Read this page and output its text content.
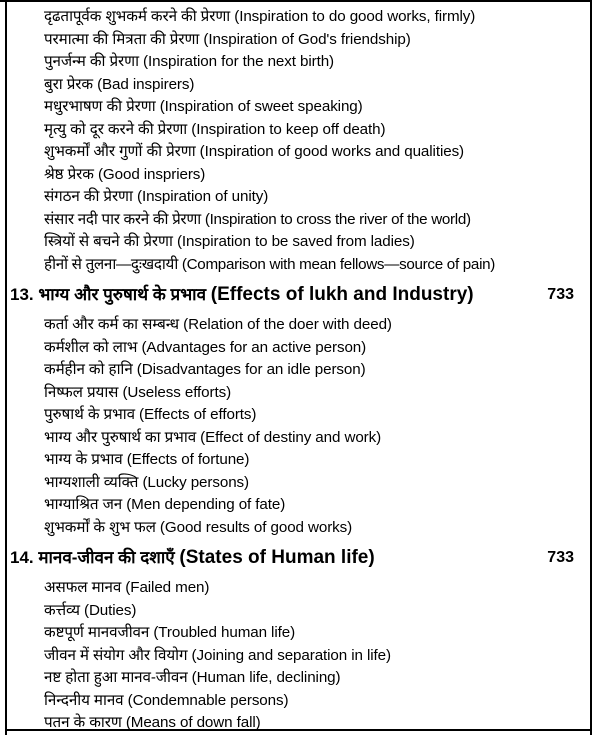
दृढतापूर्वक शुभकर्म करने की प्रेरणा (Inspiration to do good works, firmly)
परमात्मा की मित्रता की प्रेरणा (Inspiration of God's friendship)
पुनर्जन्म की प्रेरणा (Inspiration for the next birth)
बुरा प्रेरक (Bad inspirers)
मधुरभाषण की प्रेरणा (Inspiration of sweet speaking)
मृत्यु को दूर करने की प्रेरणा (Inspiration to keep off death)
शुभकर्मों और गुणों की प्रेरणा (Inspiration of good works and qualities)
श्रेष्ठ प्रेरक (Good inspriers)
संगठन की प्रेरणा (Inspiration of unity)
संसार नदी पार करने की प्रेरणा (Inspiration to cross the river of the world)
स्त्रियों से बचने की प्रेरणा (Inspiration to be saved from ladies)
हीनों से तुलना—दुःखदायी (Comparison with mean fellows—source of pain)
13. भाग्य और पुरुषार्थ के प्रभाव (Effects of lukh and Industry)	733
कर्ता और कर्म का सम्बन्ध (Relation of the doer with deed)
कर्मशील को लाभ (Advantages for an active person)
कर्महीन को हानि (Disadvantages for an idle person)
निष्फल प्रयास (Useless efforts)
पुरुषार्थ के प्रभाव (Effects of efforts)
भाग्य और पुरुषार्थ का प्रभाव (Effect of destiny and work)
भाग्य के प्रभाव (Effects of fortune)
भाग्यशाली व्यक्ति (Lucky persons)
भाग्याश्रित जन (Men depending of fate)
शुभकर्मों के शुभ फल (Good results of good works)
14. मानव-जीवन की दशाएँ (States of Human life)	733
असफल मानव (Failed men)
कर्त्तव्य (Duties)
कष्टपूर्ण मानवजीवन (Troubled human life)
जीवन में संयोग और वियोग (Joining and separation in life)
नष्ट होता हुआ मानव-जीवन (Human life, declining)
निन्दनीय मानव (Condemnable persons)
पतन के कारण (Means of down fall)
